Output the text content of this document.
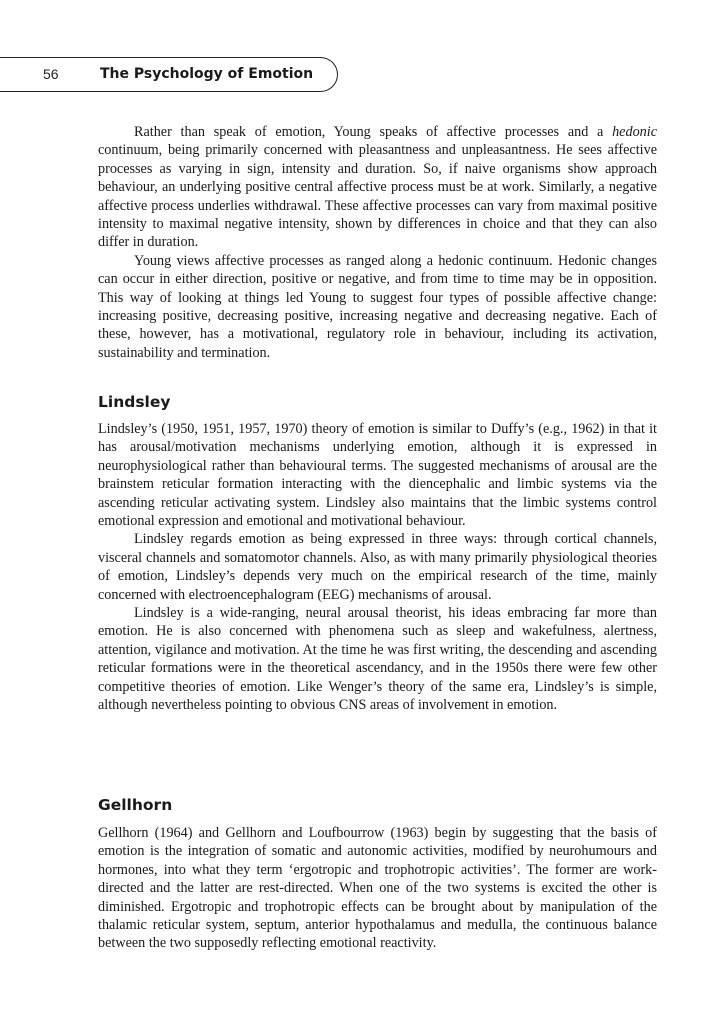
56	The Psychology of Emotion

Rather than speak of emotion, Young speaks of affective processes and a hedonic continuum, being primarily concerned with pleasantness and unpleasantness. He sees affective processes as varying in sign, intensity and duration. So, if naive organisms show approach behaviour, an underlying positive central affective process must be at work. Similarly, a negative affective process underlies withdrawal. These affective processes can vary from maximal positive intensity to maximal negative intensity, shown by differences in choice and that they can also differ in duration.

Young views affective processes as ranged along a hedonic continuum. Hedonic changes can occur in either direction, positive or negative, and from time to time may be in opposition. This way of looking at things led Young to suggest four types of possible affective change: increasing positive, decreasing positive, increasing negative and decreasing negative. Each of these, however, has a motivational, regulatory role in behaviour, including its activation, sustainability and termination.

Lindsley

Lindsley’s (1950, 1951, 1957, 1970) theory of emotion is similar to Duffy’s (e.g., 1962) in that it has arousal/motivation mechanisms underlying emotion, although it is expressed in neurophysiological rather than behavioural terms. The suggested mechanisms of arousal are the brainstem reticular formation interacting with the diencephalic and limbic systems via the ascending reticular activating system. Lindsley also maintains that the limbic systems control emotional expression and emotional and motivational behaviour.

Lindsley regards emotion as being expressed in three ways: through cortical channels, visceral channels and somatomotor channels. Also, as with many primarily physiological theories of emotion, Lindsley’s depends very much on the empirical research of the time, mainly concerned with electroencephalogram (EEG) mechanisms of arousal.

Lindsley is a wide-ranging, neural arousal theorist, his ideas embracing far more than emotion. He is also concerned with phenomena such as sleep and wakefulness, alertness, attention, vigilance and motivation. At the time he was first writing, the descending and ascending reticular formations were in the theoretical ascendancy, and in the 1950s there were few other competitive theories of emotion. Like Wenger’s theory of the same era, Lindsley’s is simple, although nevertheless pointing to obvious CNS areas of involvement in emotion.

Gellhorn

Gellhorn (1964) and Gellhorn and Loufbourrow (1963) begin by suggesting that the basis of emotion is the integration of somatic and autonomic activities, modified by neurohumours and hormones, into what they term ‘ergotropic and trophotropic activities’. The former are work-directed and the latter are rest-directed. When one of the two systems is excited the other is diminished. Ergotropic and trophotropic effects can be brought about by manipulation of the thalamic reticular system, septum, anterior hypothalamus and medulla, the continuous balance between the two supposedly reflecting emotional reactivity.
